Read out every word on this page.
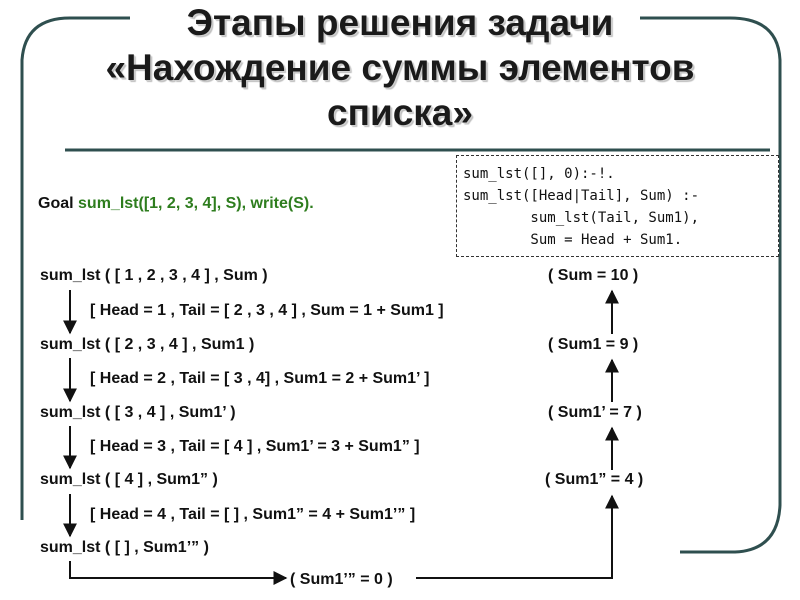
Этапы решения задачи
«Нахождение суммы элементов
списка»
sum_lst([], 0):-!.
sum_lst([Head|Tail], Sum) :-
sum_lst(Tail, Sum1),
Sum = Head + Sum1.
Goal sum_lst([1, 2, 3, 4], S), write(S).
sum_lst ( [ 1 , 2 , 3 , 4 ] , Sum )
[ Head = 1 , Tail = [ 2 , 3 , 4 ] , Sum = 1 + Sum1 ]
sum_lst ( [ 2 , 3 , 4 ] , Sum1 )
[ Head = 2 , Tail = [ 3 , 4] , Sum1 = 2 + Sum1’ ]
sum_lst ( [ 3 , 4 ] , Sum1’ )
[ Head = 3 , Tail = [ 4 ] , Sum1’ = 3 + Sum1” ]
sum_lst ( [ 4 ] , Sum1” )
[ Head = 4 , Tail = [ ] , Sum1” = 4 + Sum1’” ]
sum_lst ( [ ] , Sum1’” )
( Sum = 10 )
( Sum1 = 9 )
( Sum1’ = 7 )
( Sum1” = 4 )
( Sum1’” = 0 )
